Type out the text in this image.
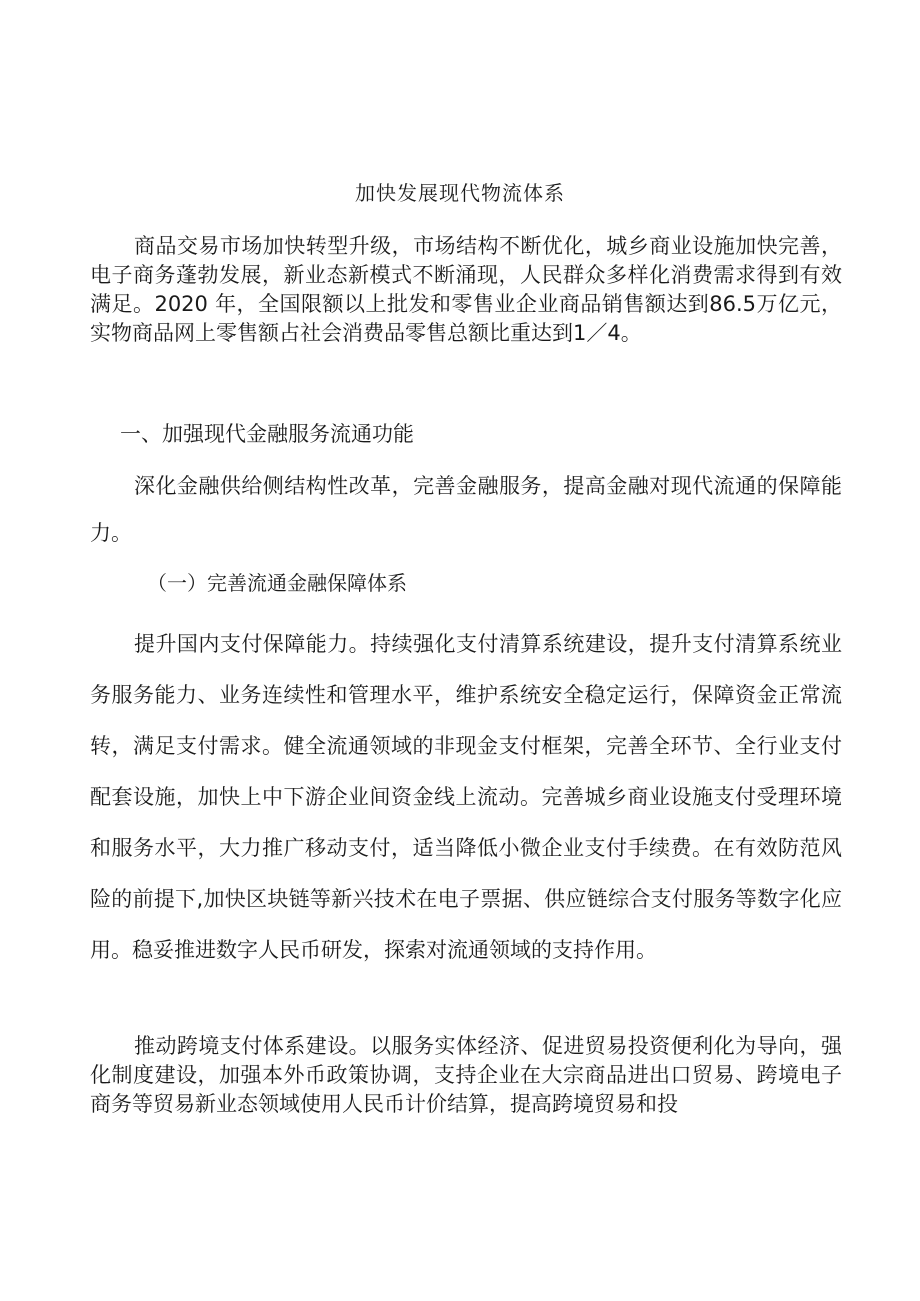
加快发展现代物流体系

商品交易市场加快转型升级，市场结构不断优化，城乡商业设施加快完善，电子商务蓬勃发展，新业态新模式不断涌现，人民群众多样化消费需求得到有效满足。2020 年，全国限额以上批发和零售业企业商品销售额达到86.5万亿元，实物商品网上零售额占社会消费品零售总额比重达到1／4。

一、加强现代金融服务流通功能

深化金融供给侧结构性改革，完善金融服务，提高金融对现代流通的保障能力。

（一）完善流通金融保障体系

提升国内支付保障能力。持续强化支付清算系统建设，提升支付清算系统业务服务能力、业务连续性和管理水平，维护系统安全稳定运行，保障资金正常流转，满足支付需求。健全流通领域的非现金支付框架，完善全环节、全行业支付配套设施，加快上中下游企业间资金线上流动。完善城乡商业设施支付受理环境和服务水平，大力推广移动支付，适当降低小微企业支付手续费。在有效防范风险的前提下,加快区块链等新兴技术在电子票据、供应链综合支付服务等数字化应用。稳妥推进数字人民币研发，探索对流通领域的支持作用。

推动跨境支付体系建设。以服务实体经济、促进贸易投资便利化为导向，强化制度建设，加强本外币政策协调，支持企业在大宗商品进出口贸易、跨境电子商务等贸易新业态领域使用人民币计价结算，提高跨境贸易和投
